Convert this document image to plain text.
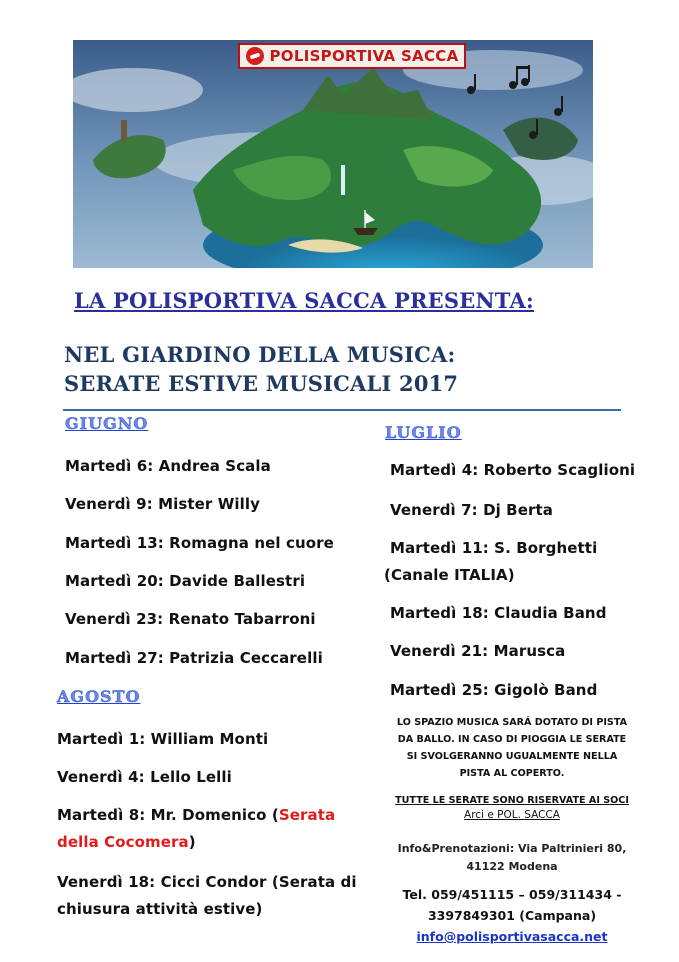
POLISPORTIVA SACCA
LA POLISPORTIVA SACCA PRESENTA:
NEL GIARDINO DELLA MUSICA:
SERATE ESTIVE MUSICALI 2017
GIUGNO
Martedì 6: Andrea Scala
Venerdì 9: Mister Willy
Martedì 13: Romagna nel cuore
Martedì 20: Davide Ballestri
Venerdì 23: Renato Tabarroni
Martedì 27: Patrizia Ceccarelli
AGOSTO
Martedì 1: William Monti
Venerdì 4: Lello Lelli
Martedì 8: Mr. Domenico (Serata
della Cocomera)
Venerdì 18: Cicci Condor (Serata di
chiusura attività estive)
LUGLIO
Martedì 4: Roberto Scaglioni
Venerdì 7: Dj Berta
Martedì 11: S. Borghetti
(Canale ITALIA)
Martedì 18: Claudia Band
Venerdì 21: Marusca
Martedì 25: Gigolò Band
LO SPAZIO MUSICA SARÁ DOTATO DI PISTA
DA BALLO. IN CASO DI PIOGGIA LE SERATE
SI SVOLGERANNO UGUALMENTE NELLA
PISTA AL COPERTO.
TUTTE LE SERATE SONO RISERVATE AI SOCI
Arci e POL. SACCA
Info&Prenotazioni: Via Paltrinieri 80,
41122 Modena
Tel. 059/451115 – 059/311434 -
3397849301 (Campana)
info@polisportivasacca.net
